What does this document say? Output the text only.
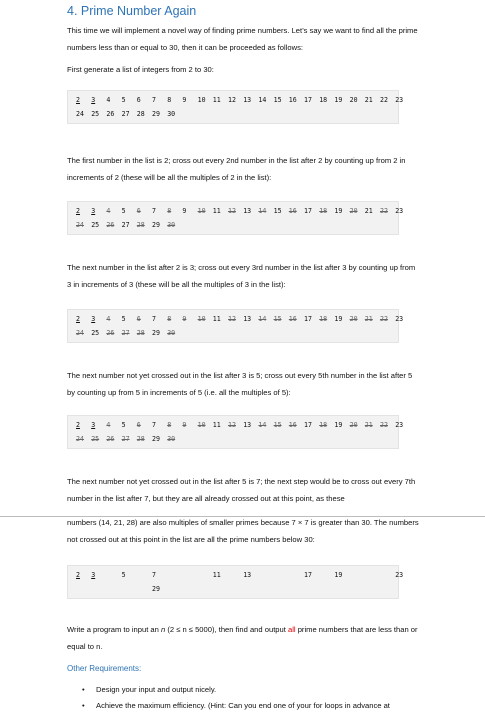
4. Prime Number Again

This time we will implement a novel way of finding prime numbers. Let’s say we want to find all the prime numbers less than or equal to 30, then it can be proceeded as follows:

First generate a list of integers from 2 to 30:

2 3 4 5 6 7 8 9 10 11 12 13 14 15 16 17 18 19 20 21 22 23
24 25 26 27 28 29 30

The first number in the list is 2; cross out every 2nd number in the list after 2 by counting up from 2 in increments of 2 (these will be all the multiples of 2 in the list):

2 3 4 5 6 7 8 9 10 11 12 13 14 15 16 17 18 19 20 21 22 23
24 25 26 27 28 29 30

The next number in the list after 2 is 3; cross out every 3rd number in the list after 3 by counting up from 3 in increments of 3 (these will be all the multiples of 3 in the list):

2 3 4 5 6 7 8 9 10 11 12 13 14 15 16 17 18 19 20 21 22 23
24 25 26 27 28 29 30

The next number not yet crossed out in the list after 3 is 5; cross out every 5th number in the list after 5 by counting up from 5 in increments of 5 (i.e. all the multiples of 5):

2 3 4 5 6 7 8 9 10 11 12 13 14 15 16 17 18 19 20 21 22 23
24 25 26 27 28 29 30

The next number not yet crossed out in the list after 5 is 7; the next step would be to cross out every 7th number in the list after 7, but they are all already crossed out at this point, as these

numbers (14, 21, 28) are also multiples of smaller primes because 7 × 7 is greater than 30. The numbers not crossed out at this point in the list are all the prime numbers below 30:

2 3	5	7	11	13	17	19	23
29

Write a program to input an n (2 ≤ n ≤ 5000), then find and output all prime numbers that are less than or equal to n.

Other Requirements:
• Design your input and output nicely.
• Achieve the maximum efficiency. (Hint: Can you end one of your for loops in advance at
